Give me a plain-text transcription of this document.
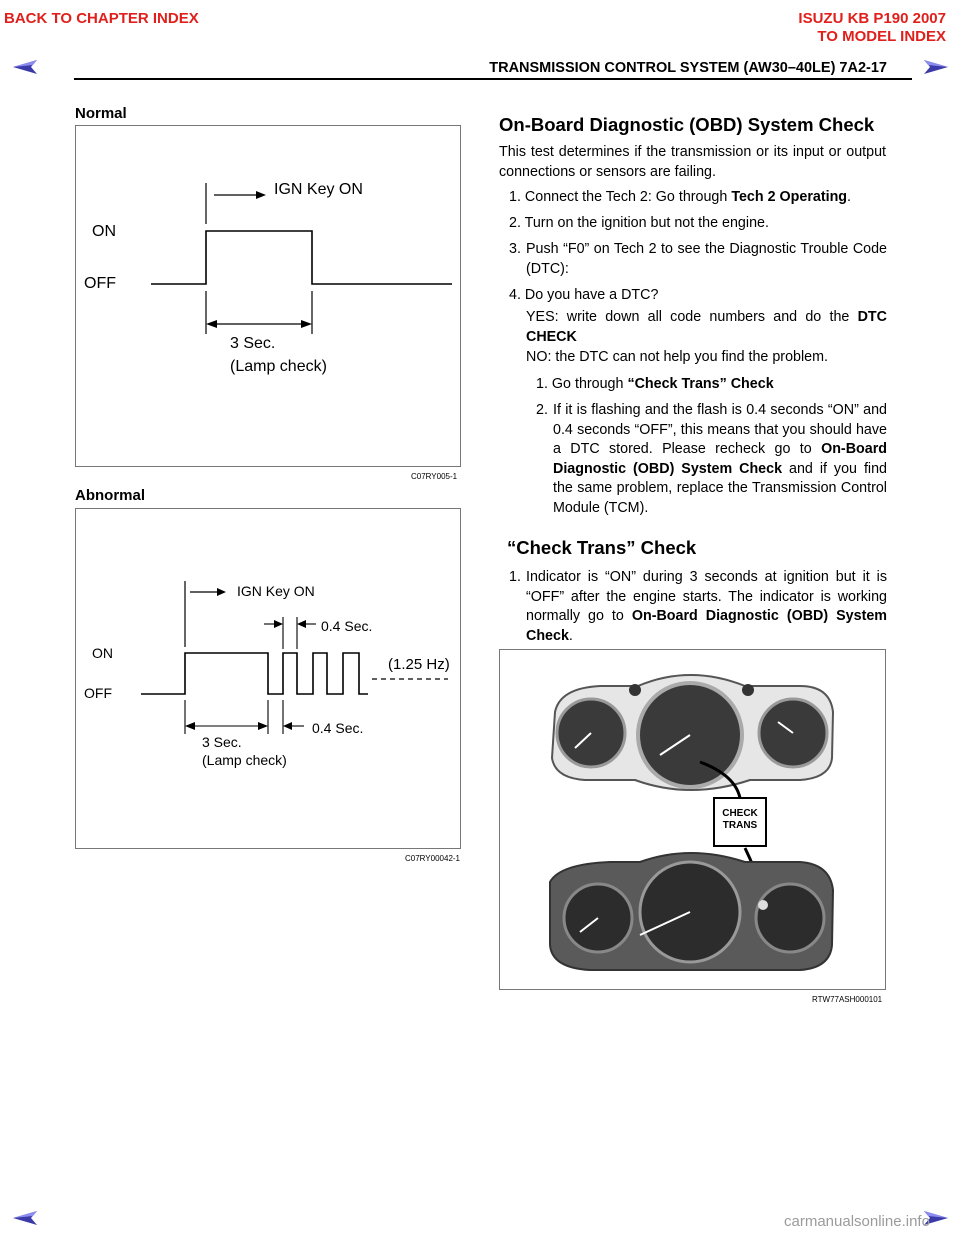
BACK TO CHAPTER INDEX	ISUZU KB P190 2007
TO MODEL INDEX
TRANSMISSION CONTROL SYSTEM (AW30–40LE) 7A2-17
Normal
IGN Key ON
ON
OFF
3 Sec.
(Lamp check)
C07RY005-1
Abnormal
IGN Key ON
0.4 Sec.
(1.25 Hz)
ON
OFF
3 Sec.
(Lamp check)
0.4 Sec.
C07RY00042-1
On-Board Diagnostic (OBD) System Check
This test determines if the transmission or its input or output connections or sensors are failing.
1. Connect the Tech 2: Go through Tech 2 Operating.
2. Turn on the ignition but not the engine.
3. Push “F0” on Tech 2 to see the Diagnostic Trouble Code (DTC):
4. Do you have a DTC?
YES: write down all code numbers and do the DTC CHECK
NO: the DTC can not help you find the problem.
1. Go through “Check Trans” Check
2. If it is flashing and the flash is 0.4 seconds “ON” and 0.4 seconds “OFF”, this means that you should have a DTC stored. Please recheck go to On-Board Diagnostic (OBD) System Check and if you find the same problem, replace the Transmission Control Module (TCM).
“Check Trans” Check
1. Indicator is “ON” during 3 seconds at ignition but it is “OFF” after the engine starts. The indicator is working normally go to On-Board Diagnostic (OBD) System Check.
CHECK
TRANS
RTW77ASH000101
carmanualsonline.info
